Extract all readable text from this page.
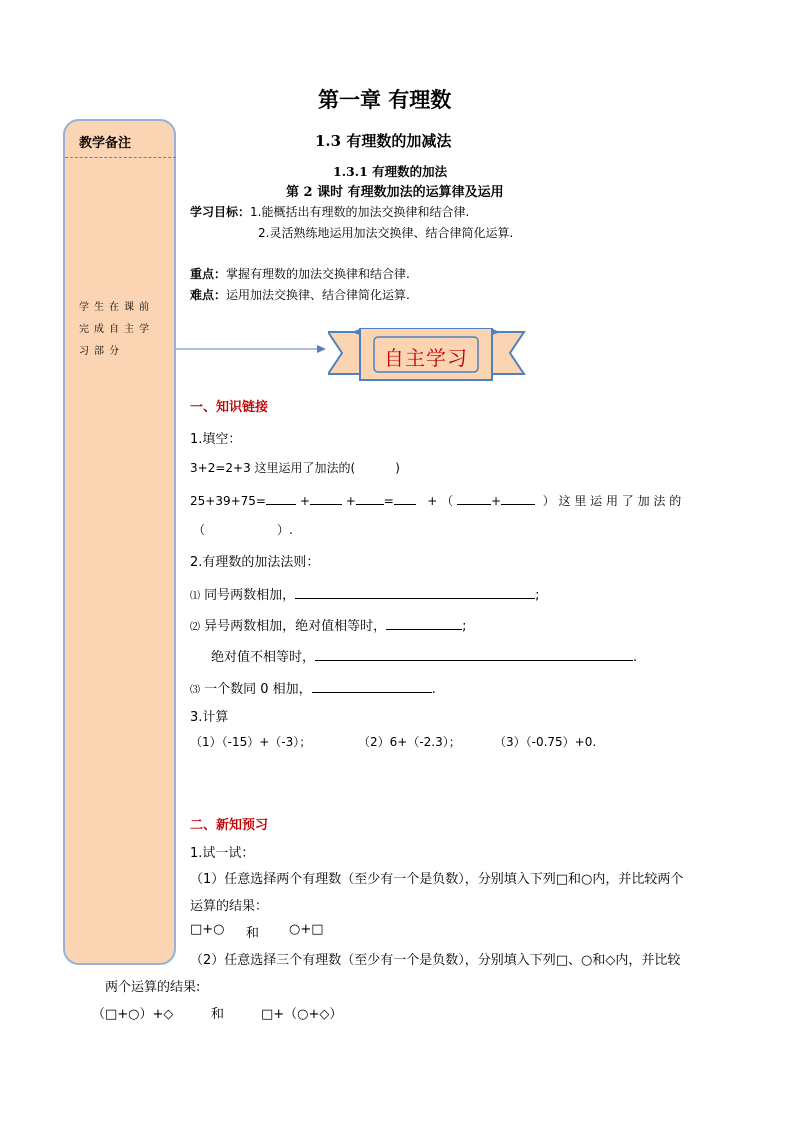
教学备注
学生在课前
完成自主学
习部分
第一章 有理数
1.3 有理数的加减法
1.3.1 有理数的加法
第 2 课时 有理数加法的运算律及运用
学习目标：1.能概括出有理数的加法交换律和结合律.
2.灵活熟练地运用加法交换律、结合律简化运算.
重点：掌握有理数的加法交换律和结合律.
难点：运用加法交换律、结合律简化运算.
自主学习
一、知识链接
1.填空：
3+2=2+3 这里运用了加法的(	)
25+39+75=	+	+ =	+ （	+	） 这 里 运 用 了 加 法 的
（	）.
2.有理数的加法法则：
⑴ 同号两数相加，	;
⑵ 异号两数相加，绝对值相等时，	;
绝对值不相等时，	.
⑶ 一个数同 0 相加，	.
3.计算
（1）（-15）+（-3）；	（2）6+（-2.3）；	（3）（-0.75）+0.
二、新知预习
1.试一试：
（1）任意选择两个有理数（至少有一个是负数），分别填入下列□和○内，并比较两个
运算的结果：
□+○ 和 ○+□
（2）任意选择三个有理数（至少有一个是负数），分别填入下列□、○和◇内，并比较
两个运算的结果:
（□+○）+◇	和	□+（○+◇）
